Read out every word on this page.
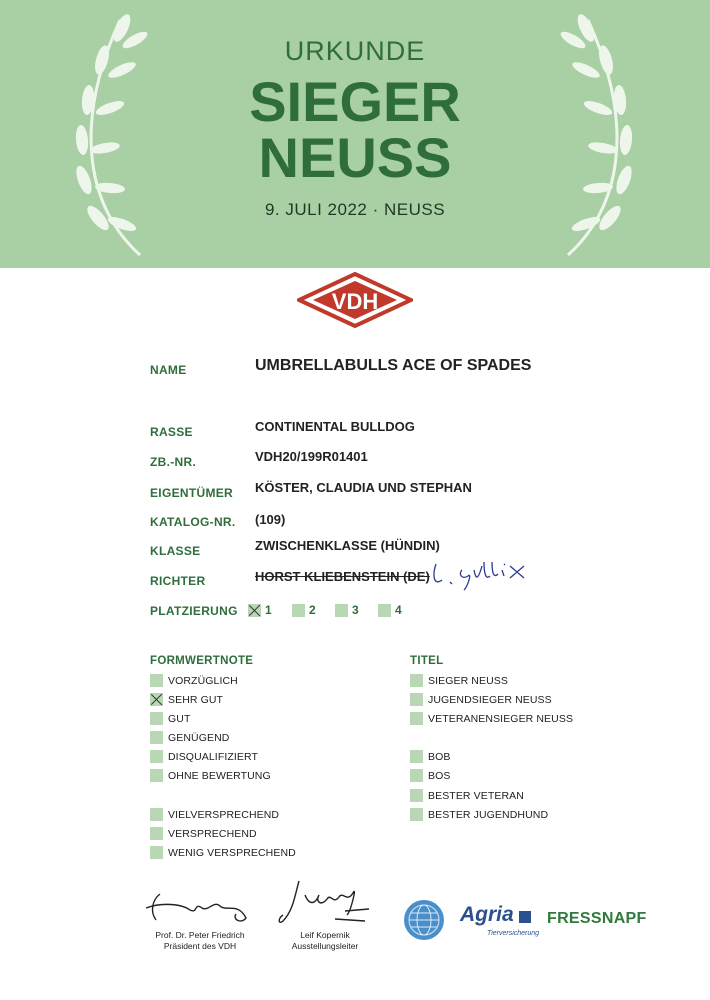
URKUNDE
SIEGER
NEUSS
9. JULI 2022 · NEUSS
VDH
NAME	UMBRELLABULLS ACE OF SPADES
RASSE	CONTINENTAL BULLDOG
ZB.-NR.	VDH20/199R01401
EIGENTÜMER KÖSTER, CLAUDIA UND STEPHAN
KATALOG-NR. (109)
KLASSE	ZWISCHENKLASSE (HÜNDIN)
RICHTER	HORST KLIEBENSTEIN (DE)
PLATZIERUNG 1	2	3	4
FORMWERTNOTE
VORZÜGLICH
SEHR GUT
GUT
GENÜGEND
DISQUALIFIZIERT
OHNE BEWERTUNG
VIELVERSPRECHEND
VERSPRECHEND
WENIG VERSPRECHEND
TITEL
SIEGER NEUSS
JUGENDSIEGER NEUSS
VETERANENSIEGER NEUSS
BOB
BOS
BESTER VETERAN
BESTER JUGENDHUND
Prof. Dr. Peter Friedrich
Präsident des VDH
Leif Kopernik
Ausstellungsleiter
Agria
Tierversicherung
FRESSNAPF
